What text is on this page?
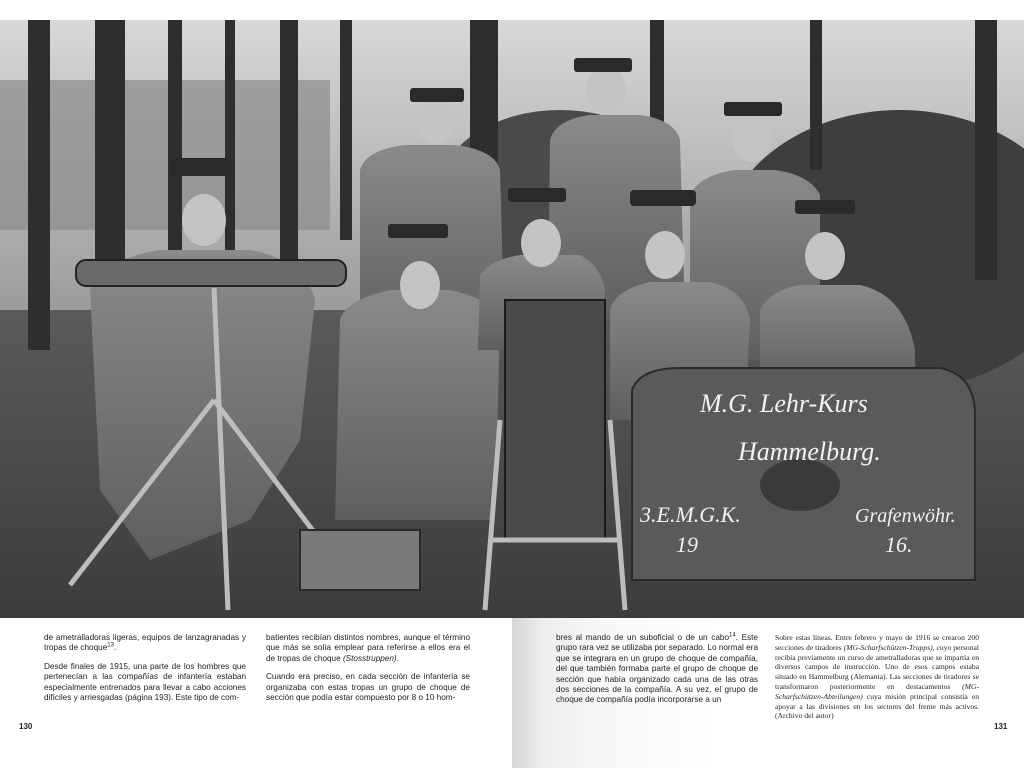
M.G. Lehr-Kurs
Hammelburg.
3.E.M.G.K.	Grafenwöhr.
19	16.

de ametralladoras ligeras, equipos de lanzagranadas y tropas de choque$^{13}$.

Desde finales de 1915, una parte de los hombres que pertenecían a las compañías de infantería estaban especialmente entrenados para llevar a cabo acciones difíciles y arriesgadas (página 193). Este tipo de com-

batientes recibían distintos nombres, aunque el término que más se solía emplear para referirse a ellos era el de tropas de choque (Stosstruppen).

Cuando era preciso, en cada sección de infantería se organizaba con estas tropas un grupo de choque de sección que podía estar compuesto por 8 o 10 hom-

130

bres al mando de un suboficial o de un cabo$^{14}$. Este grupo rara vez se utilizaba por separado. Lo normal era que se integrara en un grupo de choque de compañía, del que también formaba parte el grupo de choque de sección que había organizado cada una de las otras dos secciones de la compañía. A su vez, el grupo de choque de compañía podía incorporarse a un

Sobre estas líneas. Entre febrero y mayo de 1916 se crearon 200 secciones de tiradores (MG-Scharfschützen-Trupps), cuyo personal recibía previamente un curso de ametralladoras que se impartía en diversos campos de instrucción. Uno de esos campos estaba situado en Hammelburg (Alemania). Las secciones de tiradores se transformaron posteriormente en destacamentos (MG-Scharfschützen-Abteilungen) cuya misión principal consistía en apoyar a las divisiones en los sectores del frente más activos. (Archivo del autor)
131
